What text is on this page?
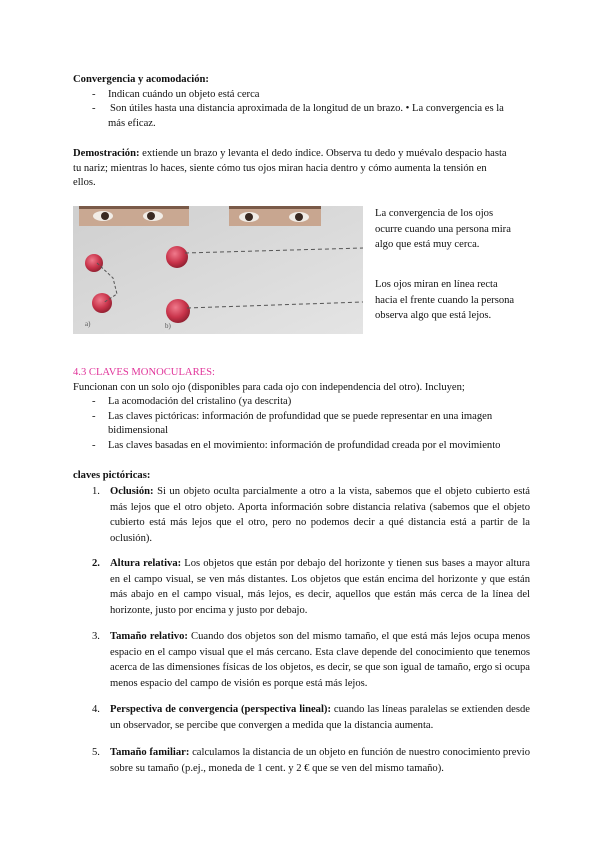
Convergencia y acomodación:
-	Indican cuándo un objeto está cerca
-	Son útiles hasta una distancia aproximada de la longitud de un brazo. • La convergencia es la
más eficaz.
Demostración: extiende un brazo y levanta el dedo índice. Observa tu dedo y muévalo despacio hasta
tu nariz; mientras lo haces, siente cómo tus ojos miran hacia dentro y cómo aumenta la tensión en
ellos.
a)	b)
La convergencia de los ojos
ocurre cuando una persona mira
algo que está muy cerca.
Los ojos miran en línea recta
hacia el frente cuando la persona
observa algo que está lejos.
4.3 CLAVES MONOCULARES:
Funcionan con un solo ojo (disponibles para cada ojo con independencia del otro). Incluyen;
-	La acomodación del cristalino (ya descrita)
-	Las claves pictóricas: información de profundidad que se puede representar en una imagen
bidimensional
-	Las claves basadas en el movimiento: información de profundidad creada por el movimiento
claves pictóricas:
1. Oclusión: Si un objeto oculta parcialmente a otro a la vista, sabemos que el objeto cubierto está más lejos que el otro objeto. Aporta información sobre distancia relativa (sabemos que el objeto cubierto está más lejos que el otro, pero no podemos decir a qué distancia está a partir de la oclusión).
2. Altura relativa: Los objetos que están por debajo del horizonte y tienen sus bases a mayor altura en el campo visual, se ven más distantes. Los objetos que están encima del horizonte y que están más abajo en el campo visual, más lejos, es decir, aquellos que están más cerca de la línea del horizonte, justo por encima y justo por debajo.
3. Tamaño relativo: Cuando dos objetos son del mismo tamaño, el que está más lejos ocupa menos espacio en el campo visual que el más cercano. Esta clave depende del conocimiento que tenemos acerca de las dimensiones físicas de los objetos, es decir, se que son igual de tamaño, ergo si ocupa menos espacio del campo de visión es porque está más lejos.
4. Perspectiva de convergencia (perspectiva lineal): cuando las líneas paralelas se extienden desde un observador, se percibe que convergen a medida que la distancia aumenta.
5. Tamaño familiar: calculamos la distancia de un objeto en función de nuestro conocimiento previo sobre su tamaño (p.ej., moneda de 1 cent. y 2 € que se ven del mismo tamaño).
